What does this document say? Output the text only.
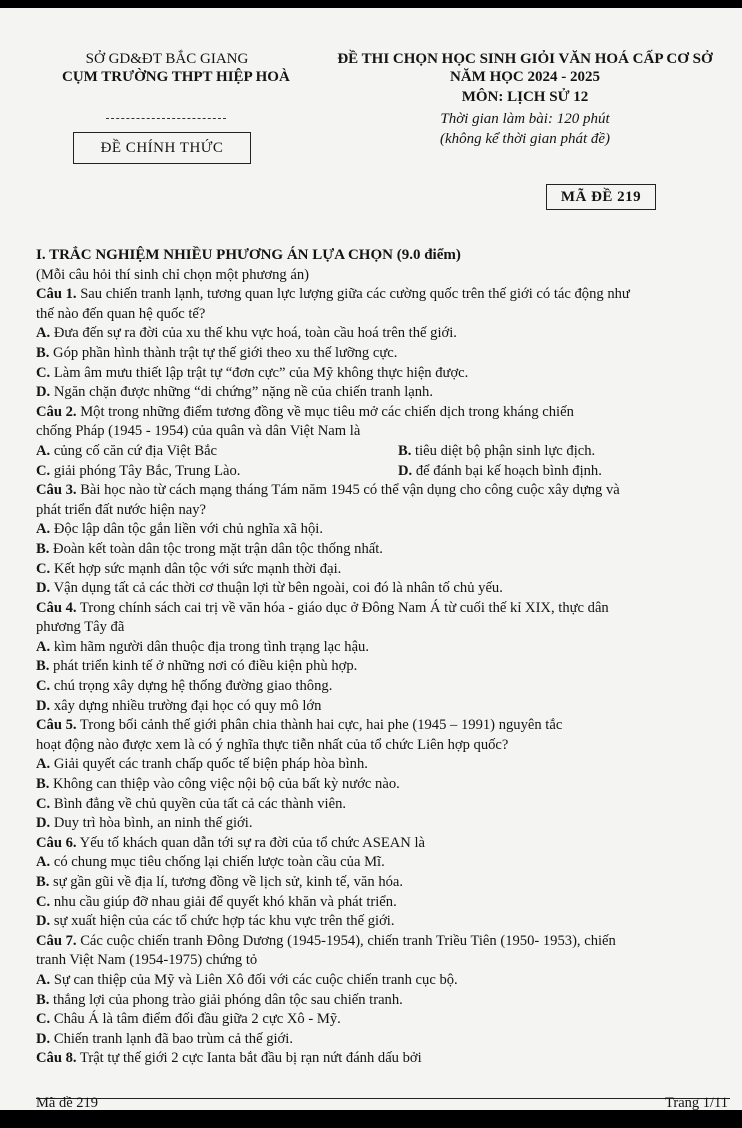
SỞ GD&ĐT BẮC GIANG
CỤM TRƯỜNG THPT HIỆP HOÀ
ĐỀ CHÍNH THỨC
ĐỀ THI CHỌN HỌC SINH GIỎI VĂN HOÁ CẤP CƠ SỞ
NĂM HỌC 2024 - 2025
MÔN: LỊCH SỬ 12
Thời gian làm bài: 120 phút
(không kể thời gian phát đề)
MÃ ĐỀ 219
I. TRẮC NGHIỆM NHIỀU PHƯƠNG ÁN LỰA CHỌN (9.0 điểm)
(Mỗi câu hỏi thí sinh chỉ chọn một phương án)
Câu 1. Sau chiến tranh lạnh, tương quan lực lượng giữa các cường quốc trên thế giới có tác động như
thế nào đến quan hệ quốc tế?
A. Đưa đến sự ra đời của xu thế khu vực hoá, toàn cầu hoá trên thế giới.
B. Góp phần hình thành trật tự thế giới theo xu thế lưỡng cực.
C. Làm âm mưu thiết lập trật tự “đơn cực” của Mỹ không thực hiện được.
D. Ngăn chặn được những “di chứng” nặng nề của chiến tranh lạnh.
Câu 2. Một trong những điểm tương đồng về mục tiêu mở các chiến dịch trong kháng chiến
chống Pháp (1945 - 1954) của quân và dân Việt Nam là
A. củng cố căn cứ địa Việt Bắc	B. tiêu diệt bộ phận sinh lực địch.
C. giải phóng Tây Bắc, Trung Lào.	D. để đánh bại kế hoạch bình định.
Câu 3. Bài học nào từ cách mạng tháng Tám năm 1945 có thể vận dụng cho công cuộc xây dựng và
phát triển đất nước hiện nay?
A. Độc lập dân tộc gắn liền với chủ nghĩa xã hội.
B. Đoàn kết toàn dân tộc trong mặt trận dân tộc thống nhất.
C. Kết hợp sức mạnh dân tộc với sức mạnh thời đại.
D. Vận dụng tất cả các thời cơ thuận lợi từ bên ngoài, coi đó là nhân tố chủ yếu.
Câu 4. Trong chính sách cai trị về văn hóa - giáo dục ở Đông Nam Á từ cuối thế kỉ XIX, thực dân
phương Tây đã
A. kìm hãm người dân thuộc địa trong tình trạng lạc hậu.
B. phát triển kinh tế ở những nơi có điều kiện phù hợp.
C. chú trọng xây dựng hệ thống đường giao thông.
D. xây dựng nhiều trường đại học có quy mô lớn
Câu 5. Trong bối cảnh thế giới phân chia thành hai cực, hai phe (1945 – 1991) nguyên tắc
hoạt động nào được xem là có ý nghĩa thực tiễn nhất của tổ chức Liên hợp quốc?
A. Giải quyết các tranh chấp quốc tế biện pháp hòa bình.
B. Không can thiệp vào công việc nội bộ của bất kỳ nước nào.
C. Bình đẳng về chủ quyền của tất cả các thành viên.
D. Duy trì hòa bình, an ninh thế giới.
Câu 6. Yếu tố khách quan dẫn tới sự ra đời của tổ chức ASEAN là
A. có chung mục tiêu chống lại chiến lược toàn cầu của Mĩ.
B. sự gần gũi về địa lí, tương đồng về lịch sử, kinh tế, văn hóa.
C. nhu cầu giúp đỡ nhau giải để quyết khó khăn và phát triển.
D. sự xuất hiện của các tổ chức hợp tác khu vực trên thế giới.
Câu 7. Các cuộc chiến tranh Đông Dương (1945-1954), chiến tranh Triều Tiên (1950- 1953), chiến
tranh Việt Nam (1954-1975) chứng tỏ
A. Sự can thiệp của Mỹ và Liên Xô đối với các cuộc chiến tranh cục bộ.
B. thắng lợi của phong trào giải phóng dân tộc sau chiến tranh.
C. Châu Á là tâm điểm đối đầu giữa 2 cực Xô - Mỹ.
D. Chiến tranh lạnh đã bao trùm cả thế giới.
Câu 8. Trật tự thế giới 2 cực Ianta bắt đầu bị rạn nứt đánh dấu bởi
Mã đề 219	Trang 1/11
